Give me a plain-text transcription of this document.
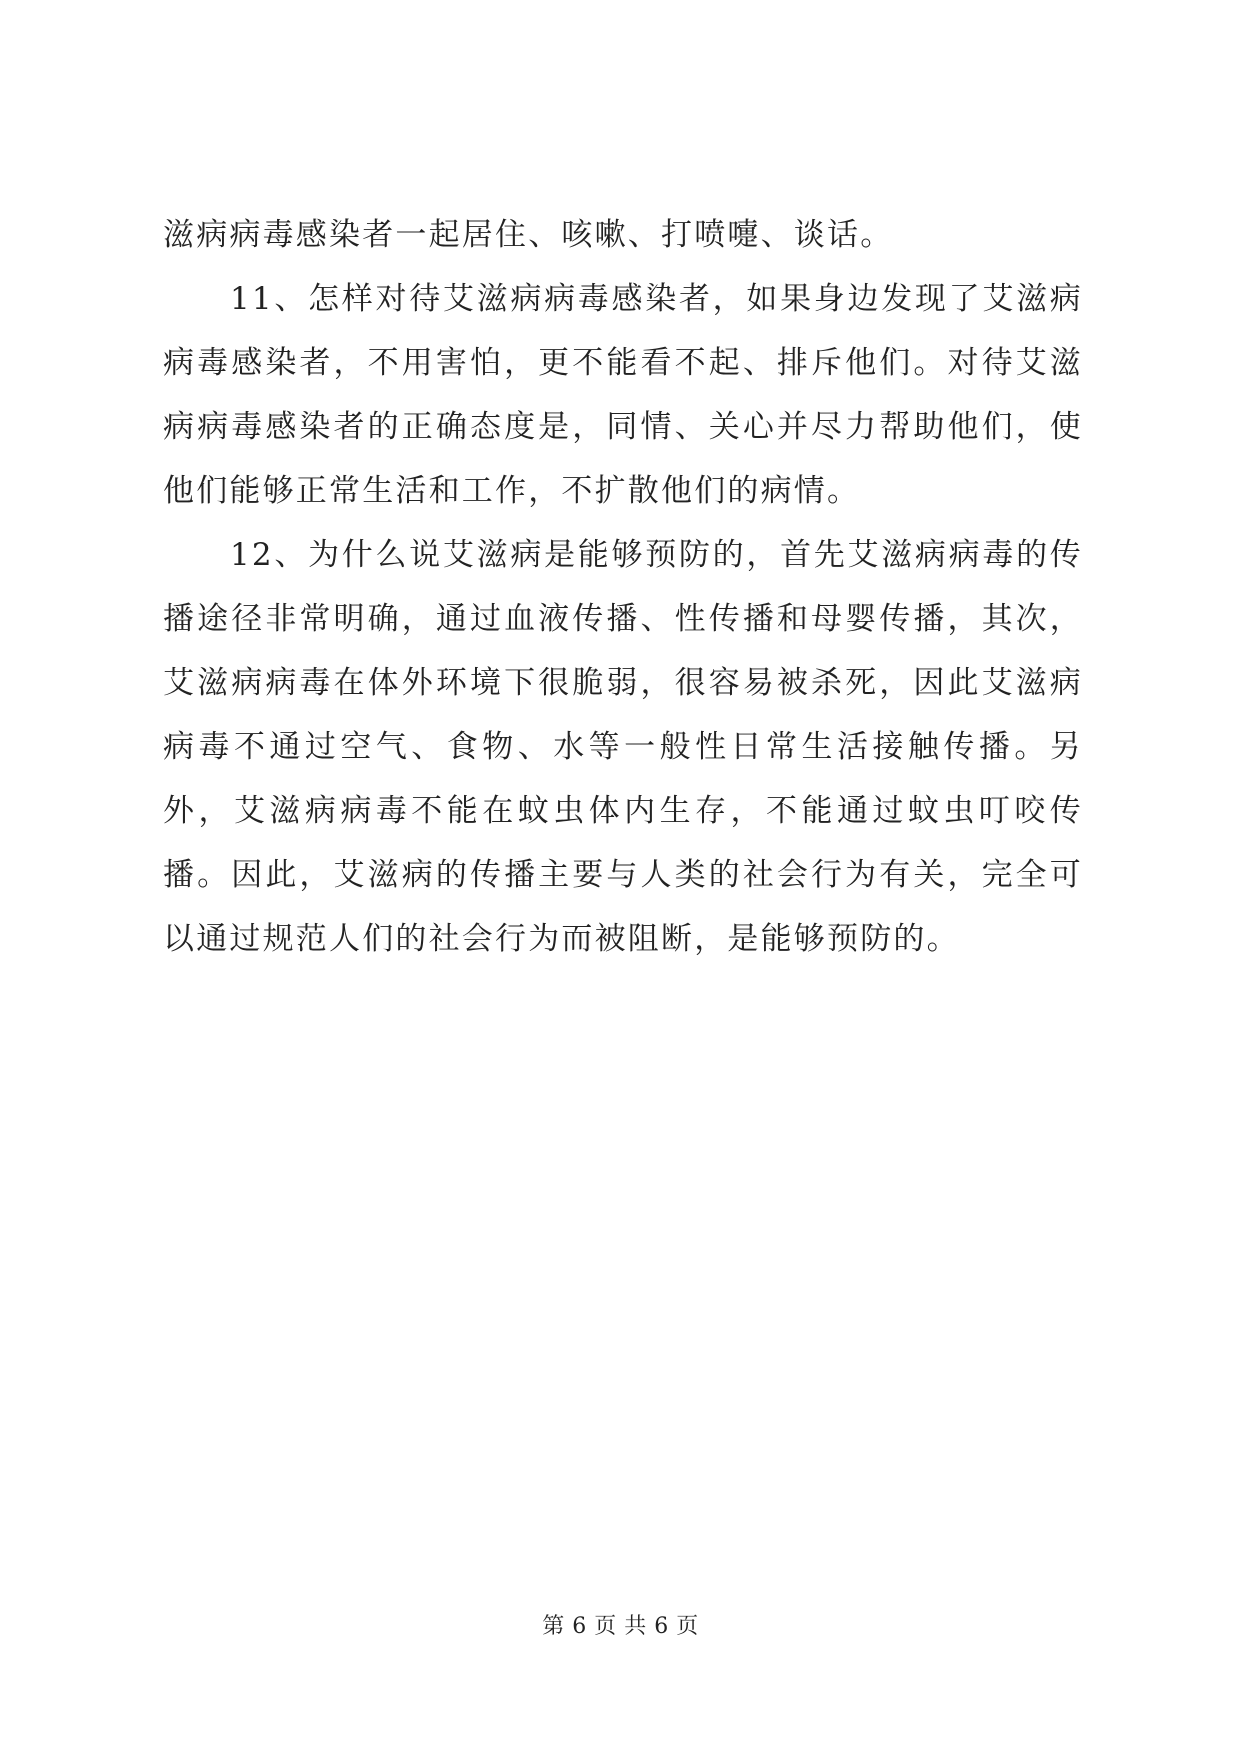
滋病病毒感染者一起居住、咳嗽、打喷嚏、谈话。

11、怎样对待艾滋病病毒感染者，如果身边发现了艾滋病病毒感染者，不用害怕，更不能看不起、排斥他们。对待艾滋病病毒感染者的正确态度是，同情、关心并尽力帮助他们，使他们能够正常生活和工作，不扩散他们的病情。

12、为什么说艾滋病是能够预防的，首先艾滋病病毒的传播途径非常明确，通过血液传播、性传播和母婴传播，其次，艾滋病病毒在体外环境下很脆弱，很容易被杀死，因此艾滋病病毒不通过空气、食物、水等一般性日常生活接触传播。另外，艾滋病病毒不能在蚊虫体内生存，不能通过蚊虫叮咬传播。因此，艾滋病的传播主要与人类的社会行为有关，完全可以通过规范人们的社会行为而被阻断，是能够预防的。

第 6 页 共 6 页
